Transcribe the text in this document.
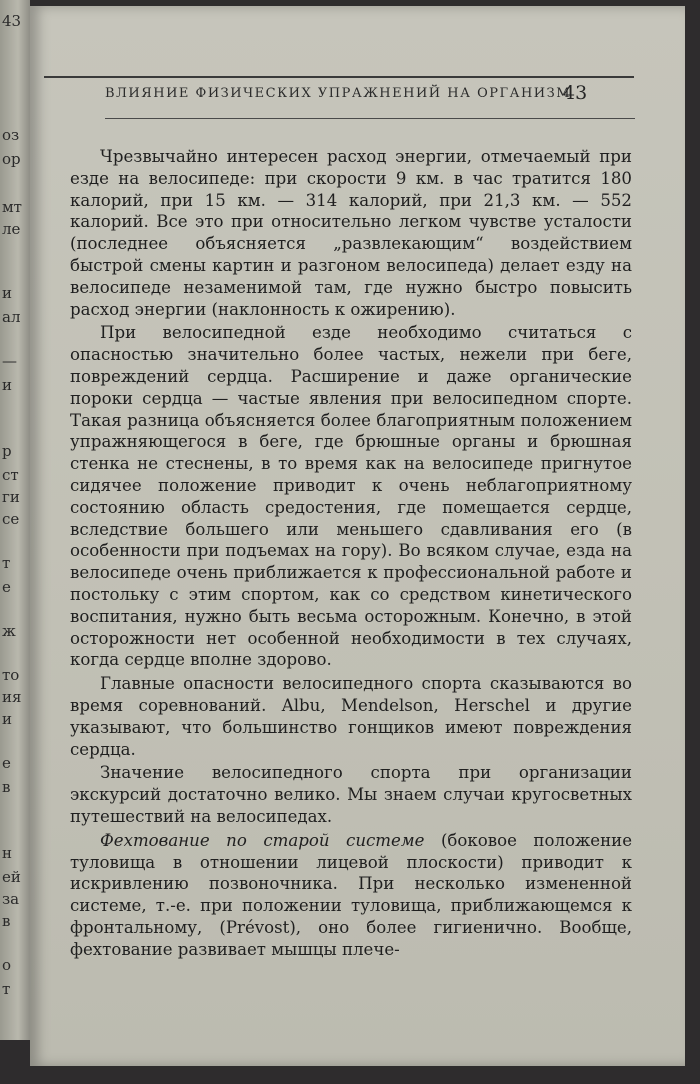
43
оз
ор
мт
ле
и
ал
—
и
р
ст
ги
се
т
е
ж
то
ия
и
е
в
н
ей
за
в
о
т
ВЛИЯНИЕ ФИЗИЧЕСКИХ УПРАЖНЕНИЙ НА ОРГАНИЗМ
43

Чрезвычайно интересен расход энергии, отмечаемый при езде на велосипеде: при скорости 9 км. в час тратится 180 калорий, при 15 км. — 314 калорий, при 21,3 км. — 552 калорий. Все это при относительно легком чувстве усталости (последнее объясняется „развлекающим“ воздействием быстрой смены картин и разгоном велосипеда) делает езду на велосипеде незаменимой там, где нужно быстро повысить расход энергии (наклонность к ожирению).

При велосипедной езде необходимо считаться с опасностью значительно более частых, нежели при беге, повреждений сердца. Расширение и даже органические пороки сердца — частые явления при велосипедном спорте. Такая разница объясняется более благоприятным положением упражняющегося в беге, где брюшные органы и брюшная стенка не стеснены, в то время как на велосипеде пригнутое сидячее положение приводит к очень неблагоприятному состоянию область средостения, где помещается сердце, вследствие большего или меньшего сдавливания его (в особенности при подъемах на гору). Во всяком случае, езда на велосипеде очень приближается к профессиональной работе и постольку с этим спортом, как со средством кинетического воспитания, нужно быть весьма осторожным. Конечно, в этой осторожности нет особенной необходимости в тех случаях, когда сердце вполне здорово.

Главные опасности велосипедного спорта сказываются во время соревнований. Albu, Mendelson, Herschel и другие указывают, что большинство гонщиков имеют повреждения сердца.

Значение велосипедного спорта при организации экскурсий достаточно велико. Мы знаем случаи кругосветных путешествий на велосипедах.

Фехтование по старой системе (боковое положение туловища в отношении лицевой плоскости) приводит к искривлению позвоночника. При несколько измененной системе, т.-е. при положении туловища, приближающемся к фронтальному, (Prévost), оно более гигиенично. Вообще, фехтование развивает мышцы плече-
